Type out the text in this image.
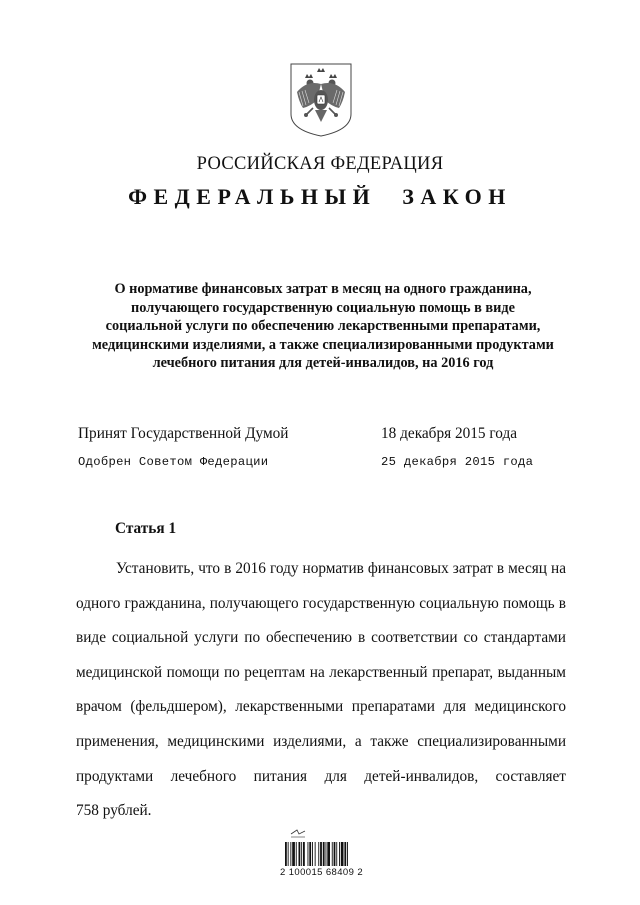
РОССИЙСКАЯ ФЕДЕРАЦИЯ
ФЕДЕРАЛЬНЫЙ ЗАКОН
О нормативе финансовых затрат в месяц на одного гражданина,
получающего государственную социальную помощь в виде
социальной услуги по обеспечению лекарственными препаратами,
медицинскими изделиями, а также специализированными продуктами
лечебного питания для детей-инвалидов, на 2016 год
Принят Государственной Думой	18 декабря 2015 года
Одобрен Советом Федерации	25 декабря 2015 года
Статья 1
Установить, что в 2016 году норматив финансовых затрат в месяц на
одного гражданина, получающего государственную социальную помощь в
виде социальной услуги по обеспечению в соответствии со стандартами
медицинской помощи по рецептам на лекарственный препарат, выданным
врачом (фельдшером), лекарственными препаратами для медицинского
применения, медицинскими изделиями, а также специализированными
продуктами лечебного питания для детей-инвалидов, составляет
758 рублей.
2 100015 68409 2
